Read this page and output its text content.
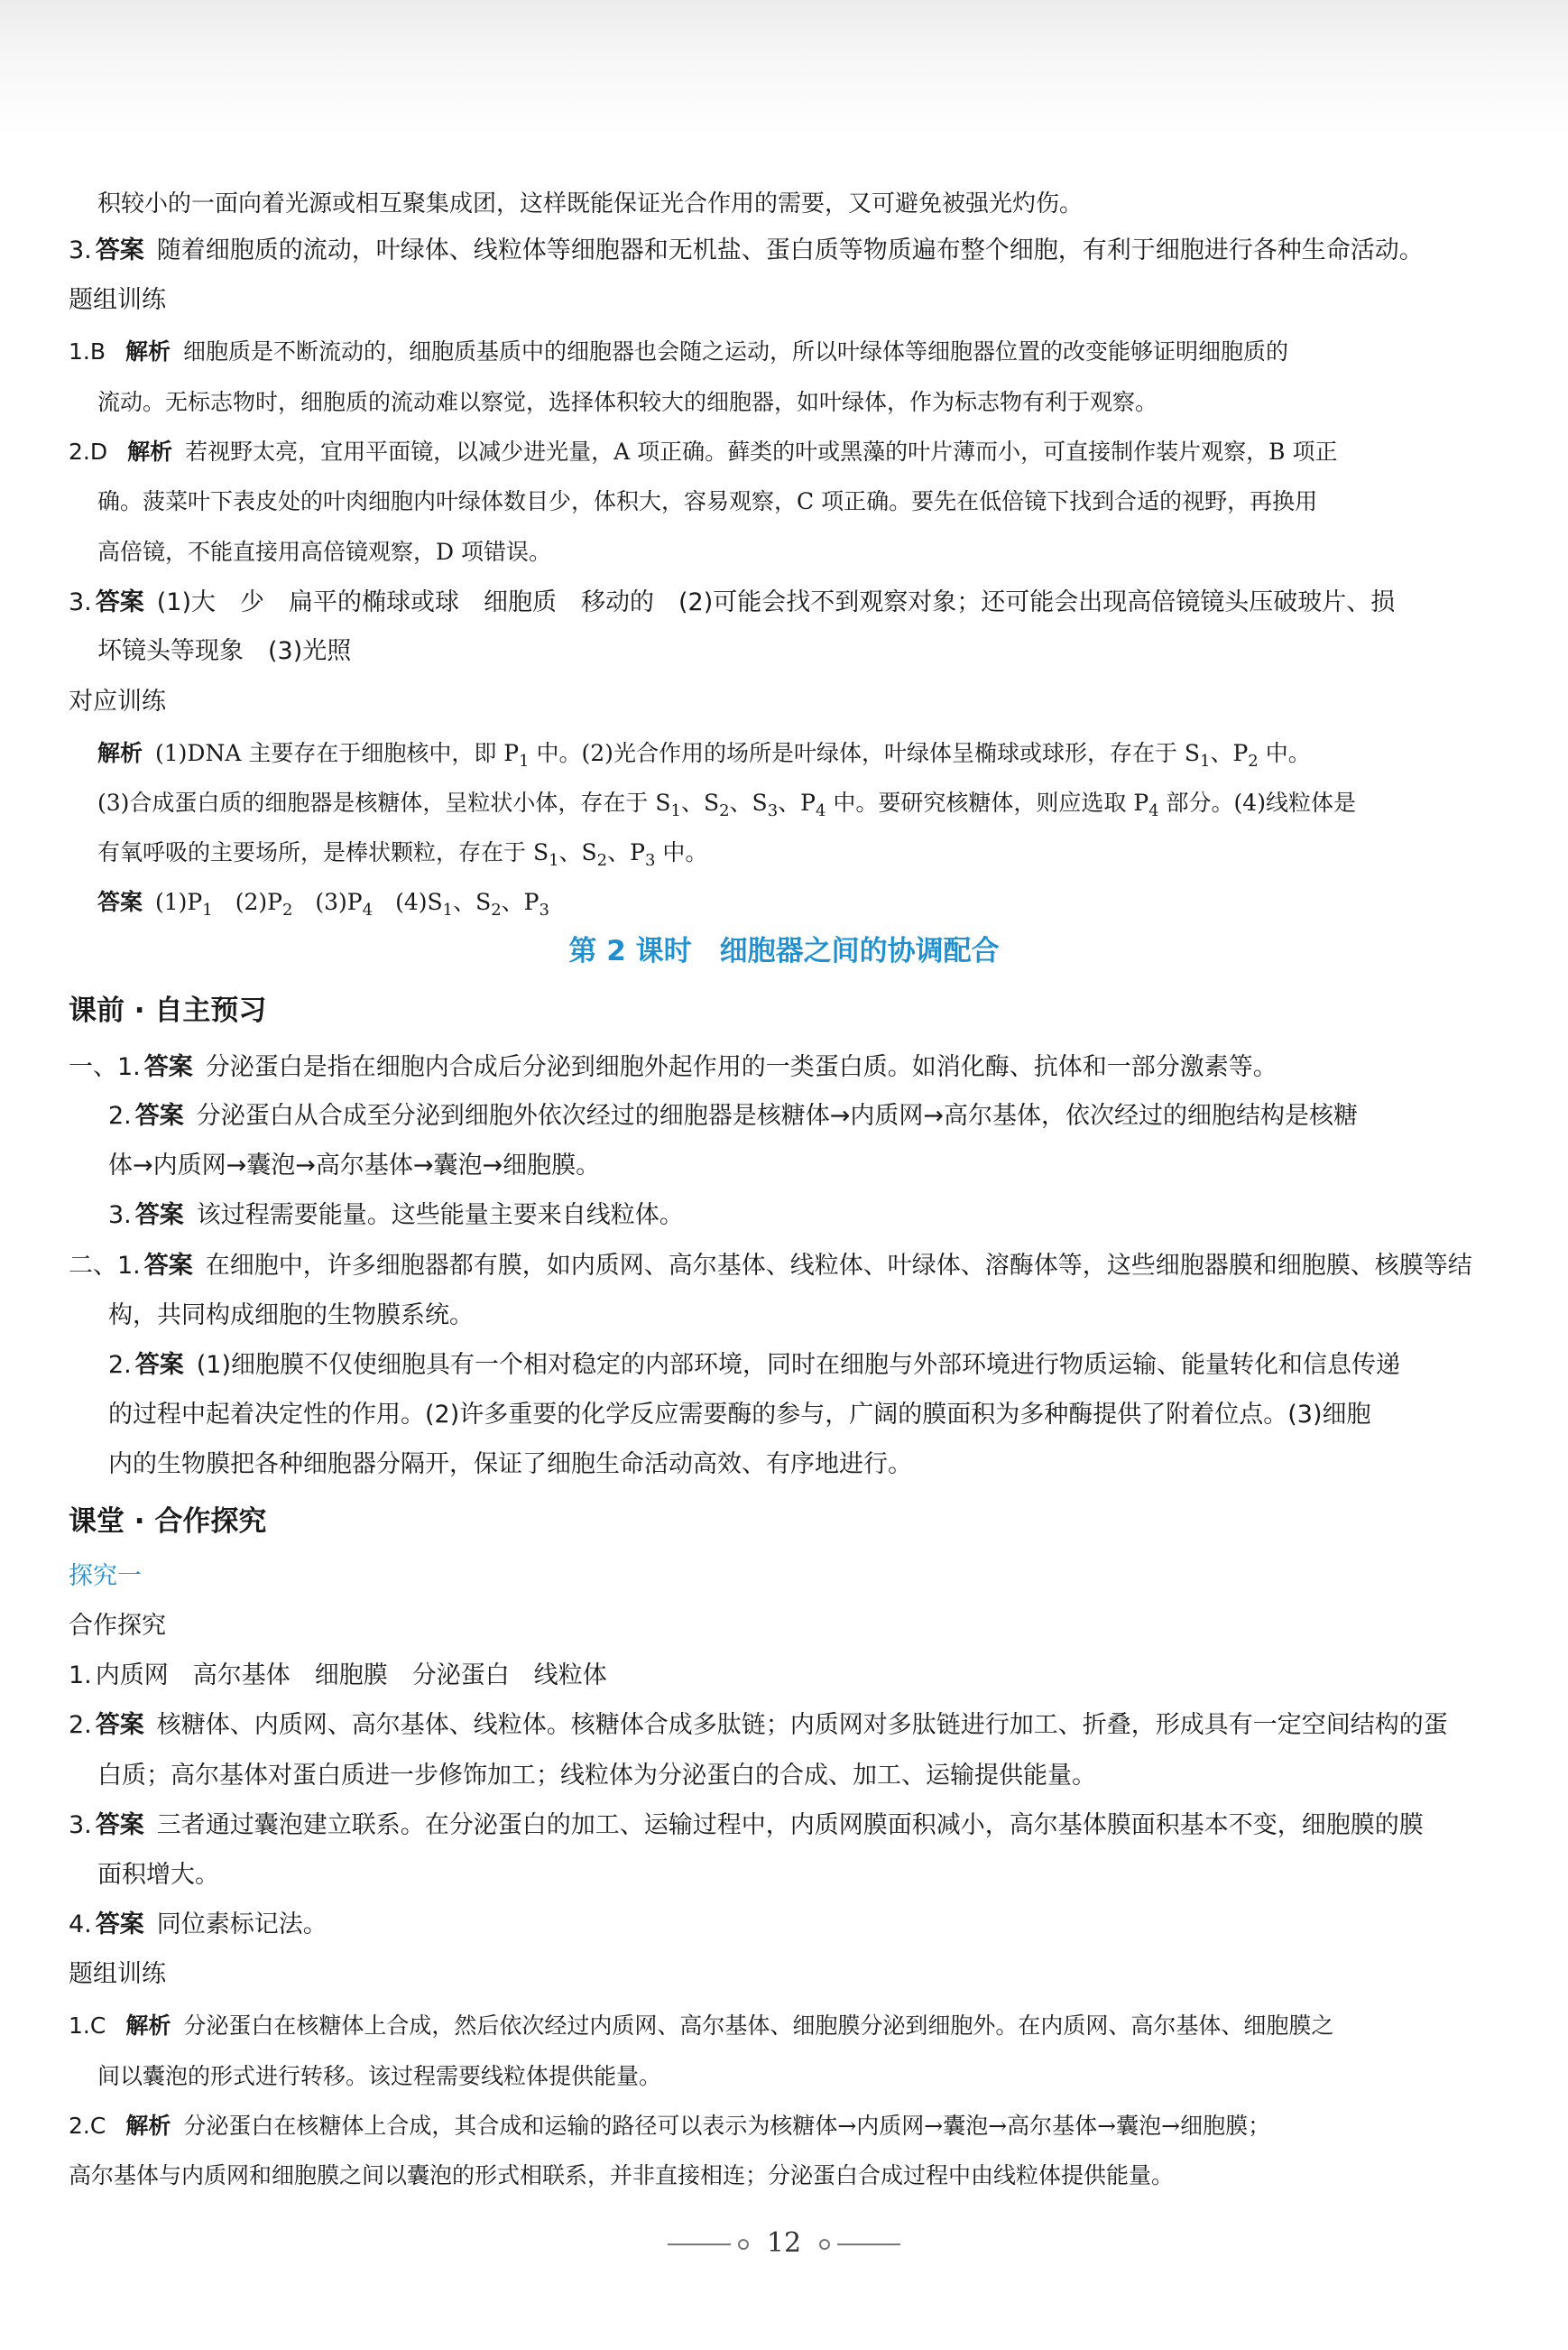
积较小的一面向着光源或相互聚集成团，这样既能保证光合作用的需要，又可避免被强光灼伤。
3. 答案 随着细胞质的流动，叶绿体、线粒体等细胞器和无机盐、蛋白质等物质遍布整个细胞，有利于细胞进行各种生命活动。
题组训练
1.B 解析 细胞质是不断流动的，细胞质基质中的细胞器也会随之运动，所以叶绿体等细胞器位置的改变能够证明细胞质的
流动。无标志物时，细胞质的流动难以察觉，选择体积较大的细胞器，如叶绿体，作为标志物有利于观察。
2.D 解析 若视野太亮，宜用平面镜，以减少进光量，A 项正确。藓类的叶或黑藻的叶片薄而小，可直接制作装片观察，B 项正
确。菠菜叶下表皮处的叶肉细胞内叶绿体数目少，体积大，容易观察，C 项正确。要先在低倍镜下找到合适的视野，再换用
高倍镜，不能直接用高倍镜观察，D 项错误。
3. 答案 (1)大　少　扁平的椭球或球　细胞质　移动的　(2)可能会找不到观察对象；还可能会出现高倍镜镜头压破玻片、损
坏镜头等现象　(3)光照
对应训练
解析 (1)DNA 主要存在于细胞核中，即 $P_1$ 中。(2)光合作用的场所是叶绿体，叶绿体呈椭球或球形，存在于 $S_1$、$P_2$ 中。
(3)合成蛋白质的细胞器是核糖体，呈粒状小体，存在于 $S_1$、$S_2$、$S_3$、$P_4$ 中。要研究核糖体，则应选取 $P_4$ 部分。(4)线粒体是
有氧呼吸的主要场所，是棒状颗粒，存在于 $S_1$、$S_2$、$P_3$ 中。
答案 $(1)P_1$　$(2)P_2$　$(3)P_4$　$(4)S_1$、$S_2$、$P_3$
第 2 课时　细胞器之间的协调配合
课前 · 自主预习
一、1. 答案 分泌蛋白是指在细胞内合成后分泌到细胞外起作用的一类蛋白质。如消化酶、抗体和一部分激素等。
2. 答案 分泌蛋白从合成至分泌到细胞外依次经过的细胞器是核糖体→内质网→高尔基体，依次经过的细胞结构是核糖
体→内质网→囊泡→高尔基体→囊泡→细胞膜。
3. 答案 该过程需要能量。这些能量主要来自线粒体。
二、1. 答案 在细胞中，许多细胞器都有膜，如内质网、高尔基体、线粒体、叶绿体、溶酶体等，这些细胞器膜和细胞膜、核膜等结
构，共同构成细胞的生物膜系统。
2. 答案 (1)细胞膜不仅使细胞具有一个相对稳定的内部环境，同时在细胞与外部环境进行物质运输、能量转化和信息传递
的过程中起着决定性的作用。(2)许多重要的化学反应需要酶的参与，广阔的膜面积为多种酶提供了附着位点。(3)细胞
内的生物膜把各种细胞器分隔开，保证了细胞生命活动高效、有序地进行。
课堂 · 合作探究
探究一
合作探究
1. 内质网　高尔基体　细胞膜　分泌蛋白　线粒体
2. 答案 核糖体、内质网、高尔基体、线粒体。核糖体合成多肽链；内质网对多肽链进行加工、折叠，形成具有一定空间结构的蛋
白质；高尔基体对蛋白质进一步修饰加工；线粒体为分泌蛋白的合成、加工、运输提供能量。
3. 答案 三者通过囊泡建立联系。在分泌蛋白的加工、运输过程中，内质网膜面积减小，高尔基体膜面积基本不变，细胞膜的膜
面积增大。
4. 答案 同位素标记法。
题组训练
1.C 解析 分泌蛋白在核糖体上合成，然后依次经过内质网、高尔基体、细胞膜分泌到细胞外。在内质网、高尔基体、细胞膜之
间以囊泡的形式进行转移。该过程需要线粒体提供能量。
2.C 解析 分泌蛋白在核糖体上合成，其合成和运输的路径可以表示为核糖体→内质网→囊泡→高尔基体→囊泡→细胞膜；
高尔基体与内质网和细胞膜之间以囊泡的形式相联系，并非直接相连；分泌蛋白合成过程中由线粒体提供能量。
12
